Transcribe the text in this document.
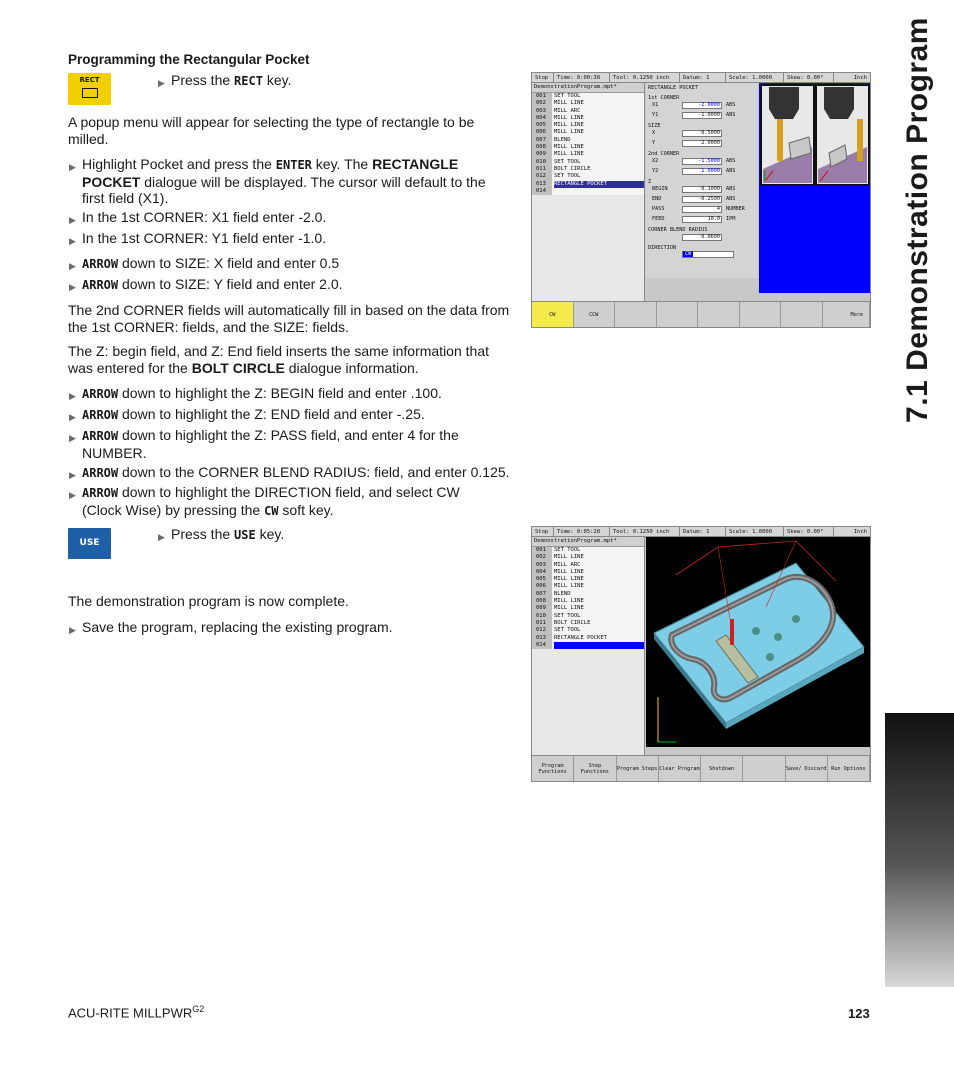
Programming the Rectangular Pocket
RECT
▶	Press the RECT key.
A popup menu will appear for selecting the type of rectangle to be milled.
▶ Highlight Pocket and press the ENTER key. The RECTANGLE POCKET dialogue will be displayed. The cursor will default to the first field (X1).
▶ In the 1st CORNER: X1 field enter -2.0.
▶ In the 1st CORNER: Y1 field enter -1.0.
▶ ARROW down to SIZE: X field and enter 0.5
▶ ARROW down to SIZE: Y field and enter 2.0.
The 2nd CORNER fields will automatically fill in based on the data from the 1st CORNER: fields, and the SIZE: fields.
The Z: begin field, and Z: End field inserts the same information that was entered for the BOLT CIRCLE dialogue information.
▶ ARROW down to highlight the Z: BEGIN field and enter .100.
▶ ARROW down to highlight the Z: END field and enter -.25.
▶ ARROW down to highlight the Z: PASS field, and enter 4 for the NUMBER.
▶ ARROW down to the CORNER BLEND RADIUS: field, and enter 0.125.
▶ ARROW down to highlight the DIRECTION field, and select CW (Clock Wise) by pressing the CW soft key.
USE
▶ Press the USE key.
The demonstration program is now complete.
▶ Save the program, replacing the existing program.
7.1 Demonstration Program
Stop	Time: 0:00:38	Tool: 0.1250 inch	Datum: 1	Scale: 1.0000	Skew: 0.00°	Inch
DemonstrationProgram.mpt*
001
002
003
004
005
006
007
008
009
010
011
012
013
014
SET TOOL
MILL LINE
MILL ARC
MILL LINE
MILL LINE
MILL LINE
BLEND
MILL LINE
MILL LINE
SET TOOL
BOLT CIRCLE
SET TOOL
RECTANGLE POCKET
RECTANGLE POCKET
1st CORNER
X1	-2.0000	ABS
Y1	-1.0000	ABS
SIZE
X	0.5000
Y	2.0000
2nd CORNER
X2	-1.5000	ABS
Y2	1.0000	ABS
Z
BEGIN	0.1000	ABS
END	-0.2500	ABS
PASS	4	NUMBER
FEED	10.0	IPM
CORNER BLEND RADIUS
0.0600
DIRECTION
CW
CW	CCW	More
Stop	Time: 0:05:28	Tool: 0.1250 inch	Datum: 1	Scale: 1.0000	Skew: 0.00°	Inch
DemonstrationProgram.mpt*
001
002
003
004
005
006
007
008
009
010
011
012
013
014
SET TOOL
MILL LINE
MILL ARC
MILL LINE
MILL LINE
MILL LINE
BLEND
MILL LINE
MILL LINE
SET TOOL
BOLT CIRCLE
SET TOOL
RECTANGLE POCKET
Program Functions
Step Functions	Program Steps Clear Program	Shutdown	Save/ Discard Run Options
ACU-RITE $MILLPWR^{G2}$	123
